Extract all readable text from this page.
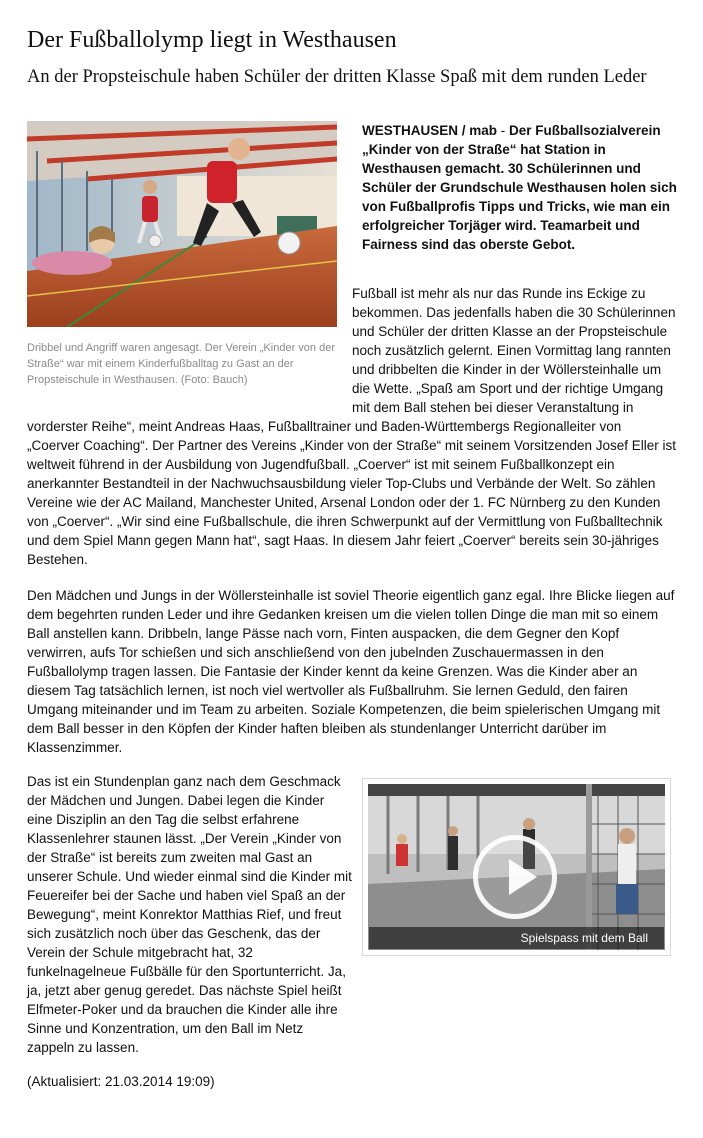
Der Fußballolymp liegt in Westhausen
An der Propsteischule haben Schüler der dritten Klasse Spaß mit dem runden Leder
Dribbel und Angriff waren angesagt. Der Verein „Kinder von der Straße“ war mit einem Kinderfußballtag zu Gast an der Propsteischule in Westhausen. (Foto: Bauch)
WESTHAUSEN / mab - Der Fußballsozialverein „Kinder von der Straße“ hat Station in Westhausen gemacht. 30 Schülerinnen und Schüler der Grundschule Westhausen holen sich von Fußballprofis Tipps und Tricks, wie man ein erfolgreicher Torjäger wird. Teamarbeit und Fairness sind das oberste Gebot.

Fußball ist mehr als nur das Runde ins Eckige zu bekommen. Das jedenfalls haben die 30 Schülerinnen und Schüler der dritten Klasse an der Propsteischule noch zusätzlich gelernt. Einen Vormittag lang rannten und dribbelten die Kinder in der Wöllersteinhalle um die Wette. „Spaß am Sport und der richtige Umgang mit dem Ball stehen bei dieser Veranstaltung in vorderster Reihe“, meint Andreas Haas, Fußballtrainer und Baden-Württembergs Regionalleiter von „Coerver Coaching“. Der Partner des Vereins „Kinder von der Straße“ mit seinem Vorsitzenden Josef Eller ist weltweit führend in der Ausbildung von Jugendfußball. „Coerver“ ist mit seinem Fußballkonzept ein anerkannter Bestandteil in der Nachwuchsausbildung vieler Top-Clubs und Verbände der Welt. So zählen Vereine wie der AC Mailand, Manchester United, Arsenal London oder der 1. FC Nürnberg zu den Kunden von „Coerver“. „Wir sind eine Fußballschule, die ihren Schwerpunkt auf der Vermittlung von Fußballtechnik und dem Spiel Mann gegen Mann hat“, sagt Haas. In diesem Jahr feiert „Coerver“ bereits sein 30-jähriges Bestehen.

Den Mädchen und Jungs in der Wöllersteinhalle ist soviel Theorie eigentlich ganz egal. Ihre Blicke liegen auf dem begehrten runden Leder und ihre Gedanken kreisen um die vielen tollen Dinge die man mit so einem Ball anstellen kann. Dribbeln, lange Pässe nach vorn, Finten auspacken, die dem Gegner den Kopf verwirren, aufs Tor schießen und sich anschließend von den jubelnden Zuschauermassen in den Fußballolymp tragen lassen. Die Fantasie der Kinder kennt da keine Grenzen. Was die Kinder aber an diesem Tag tatsächlich lernen, ist noch viel wertvoller als Fußballruhm. Sie lernen Geduld, den fairen Umgang miteinander und im Team zu arbeiten. Soziale Kompetenzen, die beim spielerischen Umgang mit dem Ball besser in den Köpfen der Kinder haften bleiben als stundenlanger Unterricht darüber im Klassenzimmer.

Das ist ein Stundenplan ganz nach dem Geschmack der Mädchen und Jungen. Dabei legen die Kinder eine Disziplin an den Tag die selbst erfahrene Klassenlehrer staunen lässt. „Der Verein „Kinder von der Straße“ ist bereits zum zweiten mal Gast an unserer Schule. Und wieder einmal sind die Kinder mit Feuereifer bei der Sache und haben viel Spaß an der Bewegung“, meint Konrektor Matthias Rief, und freut sich zusätzlich noch über das Geschenk, das der Verein der Schule mitgebracht hat, 32 funkelnagelneue Fußbälle für den Sportunterricht. Ja, ja, jetzt aber genug geredet. Das nächste Spiel heißt Elfmeter-Poker und da brauchen die Kinder alle ihre Sinne und Konzentration, um den Ball im Netz zappeln zu lassen.

(Aktualisiert: 21.03.2014 19:09)

Spielspass mit dem Ball
